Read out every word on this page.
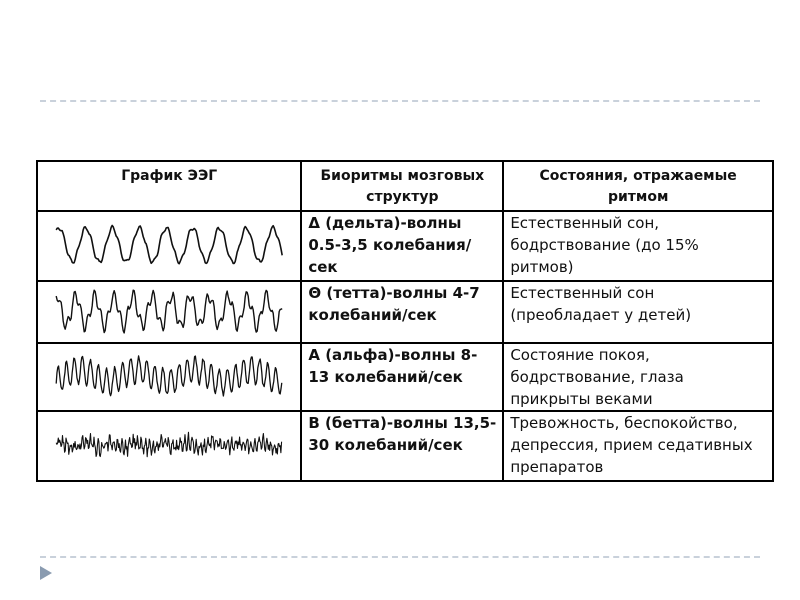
График ЭЭГ	Биоритмы мозговых структур	Состояния, отражаемые ритмом

	Δ (дельта)-волны 0.5-3,5 колебания/сек	Естественный сон, бодрствование (до 15% ритмов)

	Θ (тетта)-волны 4-7 колебаний/сек	Естественный сон (преобладает у детей)

	А (альфа)-волны 8-13 колебаний/сек	Состояние покоя, бодрствование, глаза прикрыты веками

	В (бетта)-волны 13,5-30 колебаний/сек	Тревожность, беспокойство, депрессия, прием седативных препаратов
